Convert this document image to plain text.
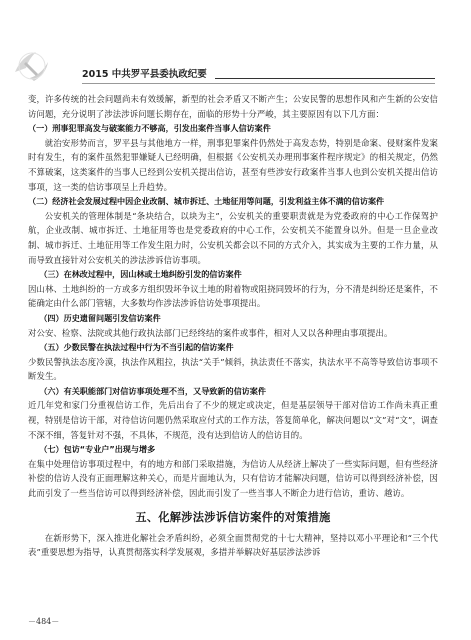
2015 中共罗平县委执政纪要

变，许多传统的社会问题尚未有效缓解，新型的社会矛盾又不断产生；公安民警的思想作风和产生新的公安信访问题，充分说明了涉法涉诉问题长期存在，面临的形势十分严峻，其主要原因有以下几方面：

（一）刑事犯罪高发与破案能力不够高，引发出案件当事人信访案件

就治安形势而言，罗平县与其他地方一样，刑事犯罪案件仍然处于高发态势，特别是命案、侵财案件发案时有发生，有的案件虽然犯罪嫌疑人已经明确，但根据《公安机关办理刑事案件程序规定》的相关规定，仍然不算破案，这类案件的当事人已经到公安机关提出信访，甚至有些涉安行政案件当事人也到公安机关提出信访事项，这一类的信访事项呈上升趋势。

（二）经济社会发展过程中因企业改制、城市拆迁、土地征用等问题，引发利益主体不满的信访案件

公安机关的管理体制是“条块结合，以块为主”，公安机关的重要职责就是为党委政府的中心工作保驾护航，企业改制、城市拆迁、土地征用等也是党委政府的中心工作，公安机关不能置身以外。但是一旦企业改制、城市拆迁、土地征用等工作发生阻力时，公安机关都会以不同的方式介入，其实成为主要的工作力量，从而导致直接针对公安机关的涉法涉诉信访事项。

（三）在林改过程中，因山林或土地纠纷引发的信访案件

因山林、土地纠纷的一方或多方组织毁坏争议土地的附着物或阻挠同毁坏的行为，分不清是纠纷还是案件，不能确定由什么部门管辖，大多数均作涉法涉诉信访处事项提出。

（四）历史遗留问题引发信访案件

对公安、检察、法院或其他行政执法部门已经终结的案件或事件，相对人又以各种理由事项提出。

（五）少数民警在执法过程中行为不当引起的信访案件

少数民警执法态度冷漠，执法作风粗拉，执法“关手”倾斜，执法责任不落实，执法水平不高等导致信访事项不断发生。

（六）有关职能部门对信访事项处理不当，又导致新的信访案件

近几年党和家门分重视信访工作，先后出台了不少的规定或决定，但是基层领导干部对信访工作尚未真正重视，特别是信访干部，对待信访问题仍然采取应付式的工作方法，答复简单化，解决问题以“文”对“文”，调查不深不细，答复针对不强，不具体，不规范，没有达到信访人的信访目的。

（七）包访“专业户”出现与增多

在集中处理信访事项过程中，有的地方和部门采取措施，为信访人从经济上解决了一些实际问题，但有些经济补偿的信访人没有正面理解这种关心，而是片面地认为，只有信访才能解决问题，信访可以得到经济补偿，因此而引发了一些当信访可以得到经济补偿，因此而引发了一些当事人不断企力进行信访，重访、越访。

五、化解涉法涉诉信访案件的对策措施

在新形势下，深入推进化解社会矛盾纠纷，必须全面贯彻党的十七大精神，坚持以邓小平理论和“三个代表”重要思想为指导，认真贯彻落实科学发展观，多措并举解决好基层涉法涉诉

－484－
